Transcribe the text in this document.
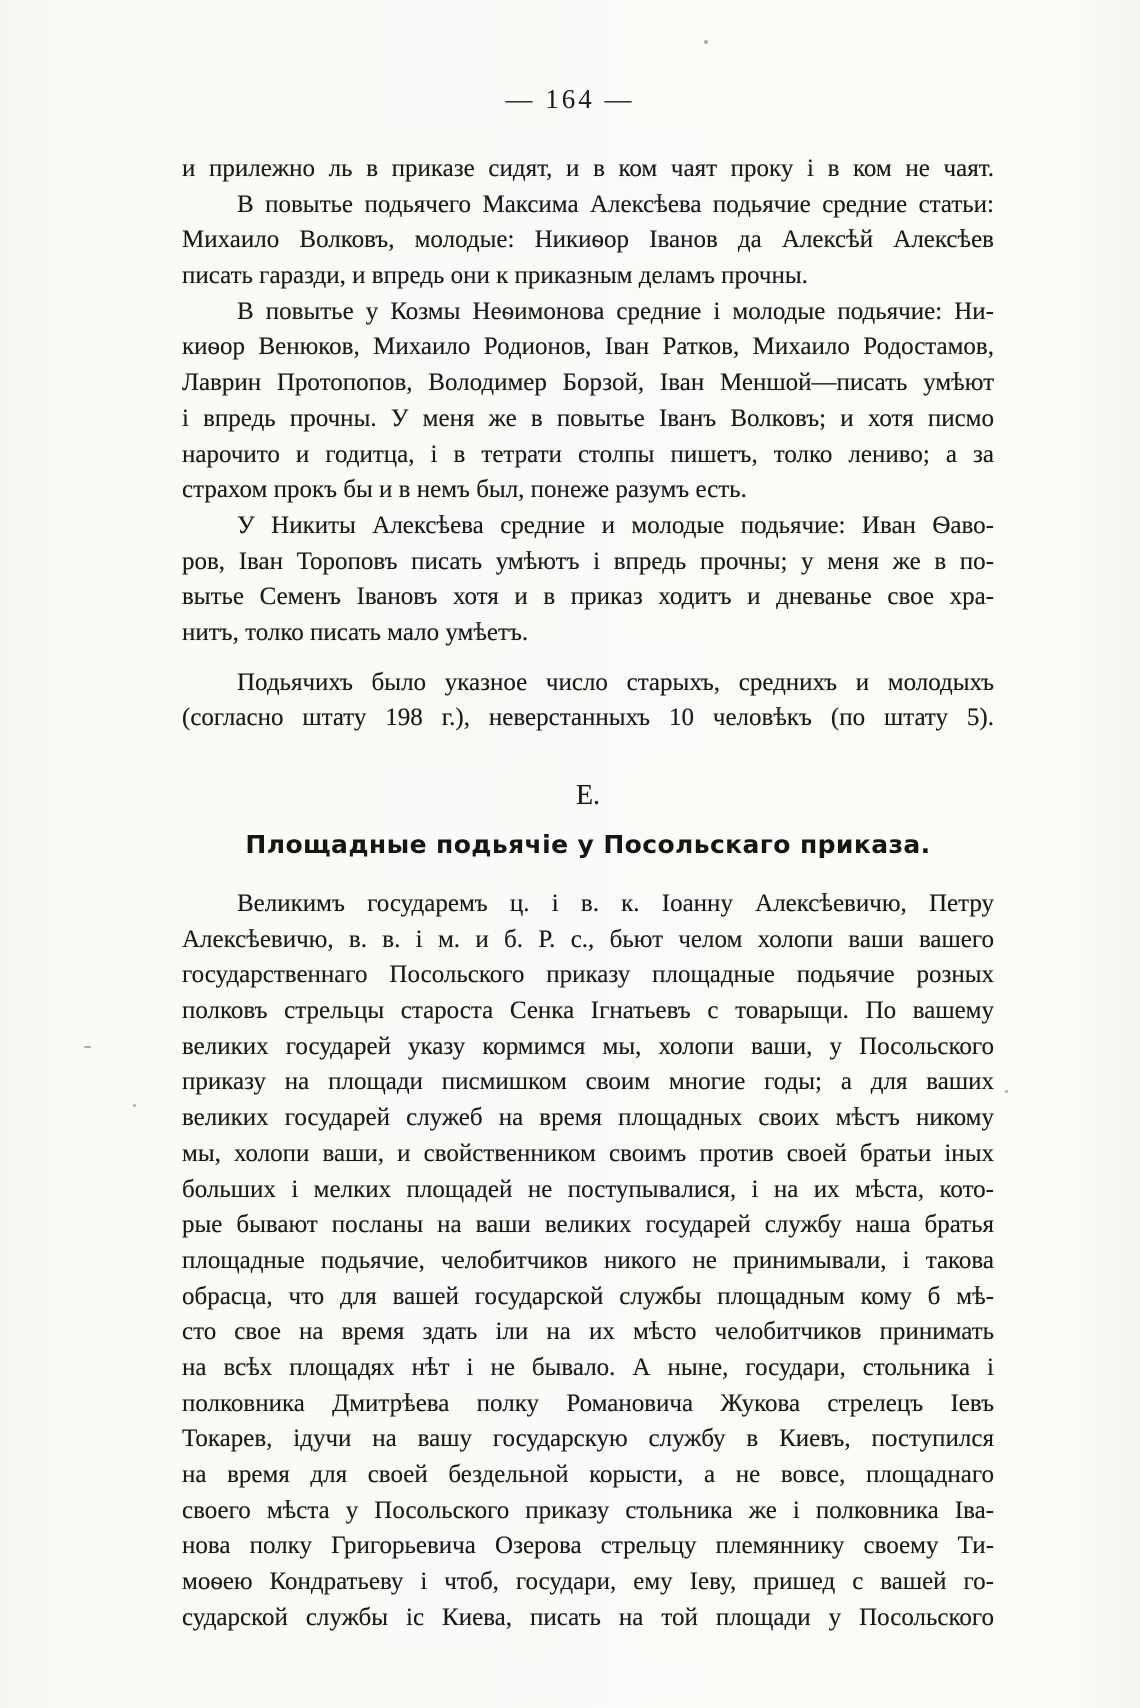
— 164 —
и прилежно ль в приказе сидят, и в ком чаят проку і в ком не чаят.
В повытье подьячего Максима Алексѣева подьячие средние статьи:
Михаило Волковъ, молодые: Никиѳор Іванов да Алексѣй Алексѣев
писать гаразди, и впредь они к приказным деламъ прочны.
В повытье у Козмы Неѳимонова средние і молодые подьячие: Ни-
киѳор Венюков, Михаило Родионов, Іван Ратков, Михаило Родостамов,
Лаврин Протопопов, Володимер Борзой, Іван Меншой—писать умѣют
і впредь прочны. У меня же в повытье Іванъ Волковъ; и хотя писмо
нарочито и годитца, і в тетрати столпы пишетъ, толко лениво; а за
страхом прокъ бы и в немъ был, понеже разумъ есть.
У Никиты Алексѣева средние и молодые подьячие: Иван Ѳаво-
ров, Іван Тороповъ писать умѣютъ і впредь прочны; у меня же в по-
вытье Семенъ Івановъ хотя и в приказ ходитъ и дневанье свое хра-
нитъ, толко писать мало умѣетъ.
Подьячихъ было указное число старыхъ, среднихъ и молодыхъ
(согласно штату 198 г.), неверстанныхъ 10 человѣкъ (по штату 5).
Е.
Площадные подьячіе у Посольскаго приказа.
Великимъ государемъ ц. і в. к. Іоанну Алексѣевичю, Петру
Алексѣевичю, в. в. і м. и б. Р. с., бьют челом холопи ваши вашего
государственнаго Посольского приказу площадные подьячие розных
полковъ стрельцы староста Сенка Ігнатьевъ с товарыщи. По вашему
великих государей указу кормимся мы, холопи ваши, у Посольского
приказу на площади писмишком своим многие годы; а для ваших
великих государей служеб на время площадных своих мѣстъ никому
мы, холопи ваши, и свойственником своимъ против своей братьи іных
больших і мелких площадей не поступывалися, і на их мѣста, кото-
рые бывают посланы на ваши великих государей службу наша братья
площадные подьячие, челобитчиков никого не принимывали, і такова
обрасца, что для вашей государской службы площадным кому б мѣ-
сто свое на время здать іли на их мѣсто челобитчиков принимать
на всѣх площадях нѣт і не бывало. А ныне, государи, стольника і
полковника Дмитрѣева полку Романовича Жукова стрелецъ Іевъ
Токарев, ідучи на вашу государскую службу в Киевъ, поступился
на время для своей бездельной корысти, а не вовсе, площаднаго
своего мѣста у Посольского приказу стольника же і полковника Іва-
нова полку Григорьевича Озерова стрельцу племяннику своему Ти-
моѳею Кондратьеву і чтоб, государи, ему Іеву, пришед с вашей го-
сударской службы іс Киева, писать на той площади у Посольского
